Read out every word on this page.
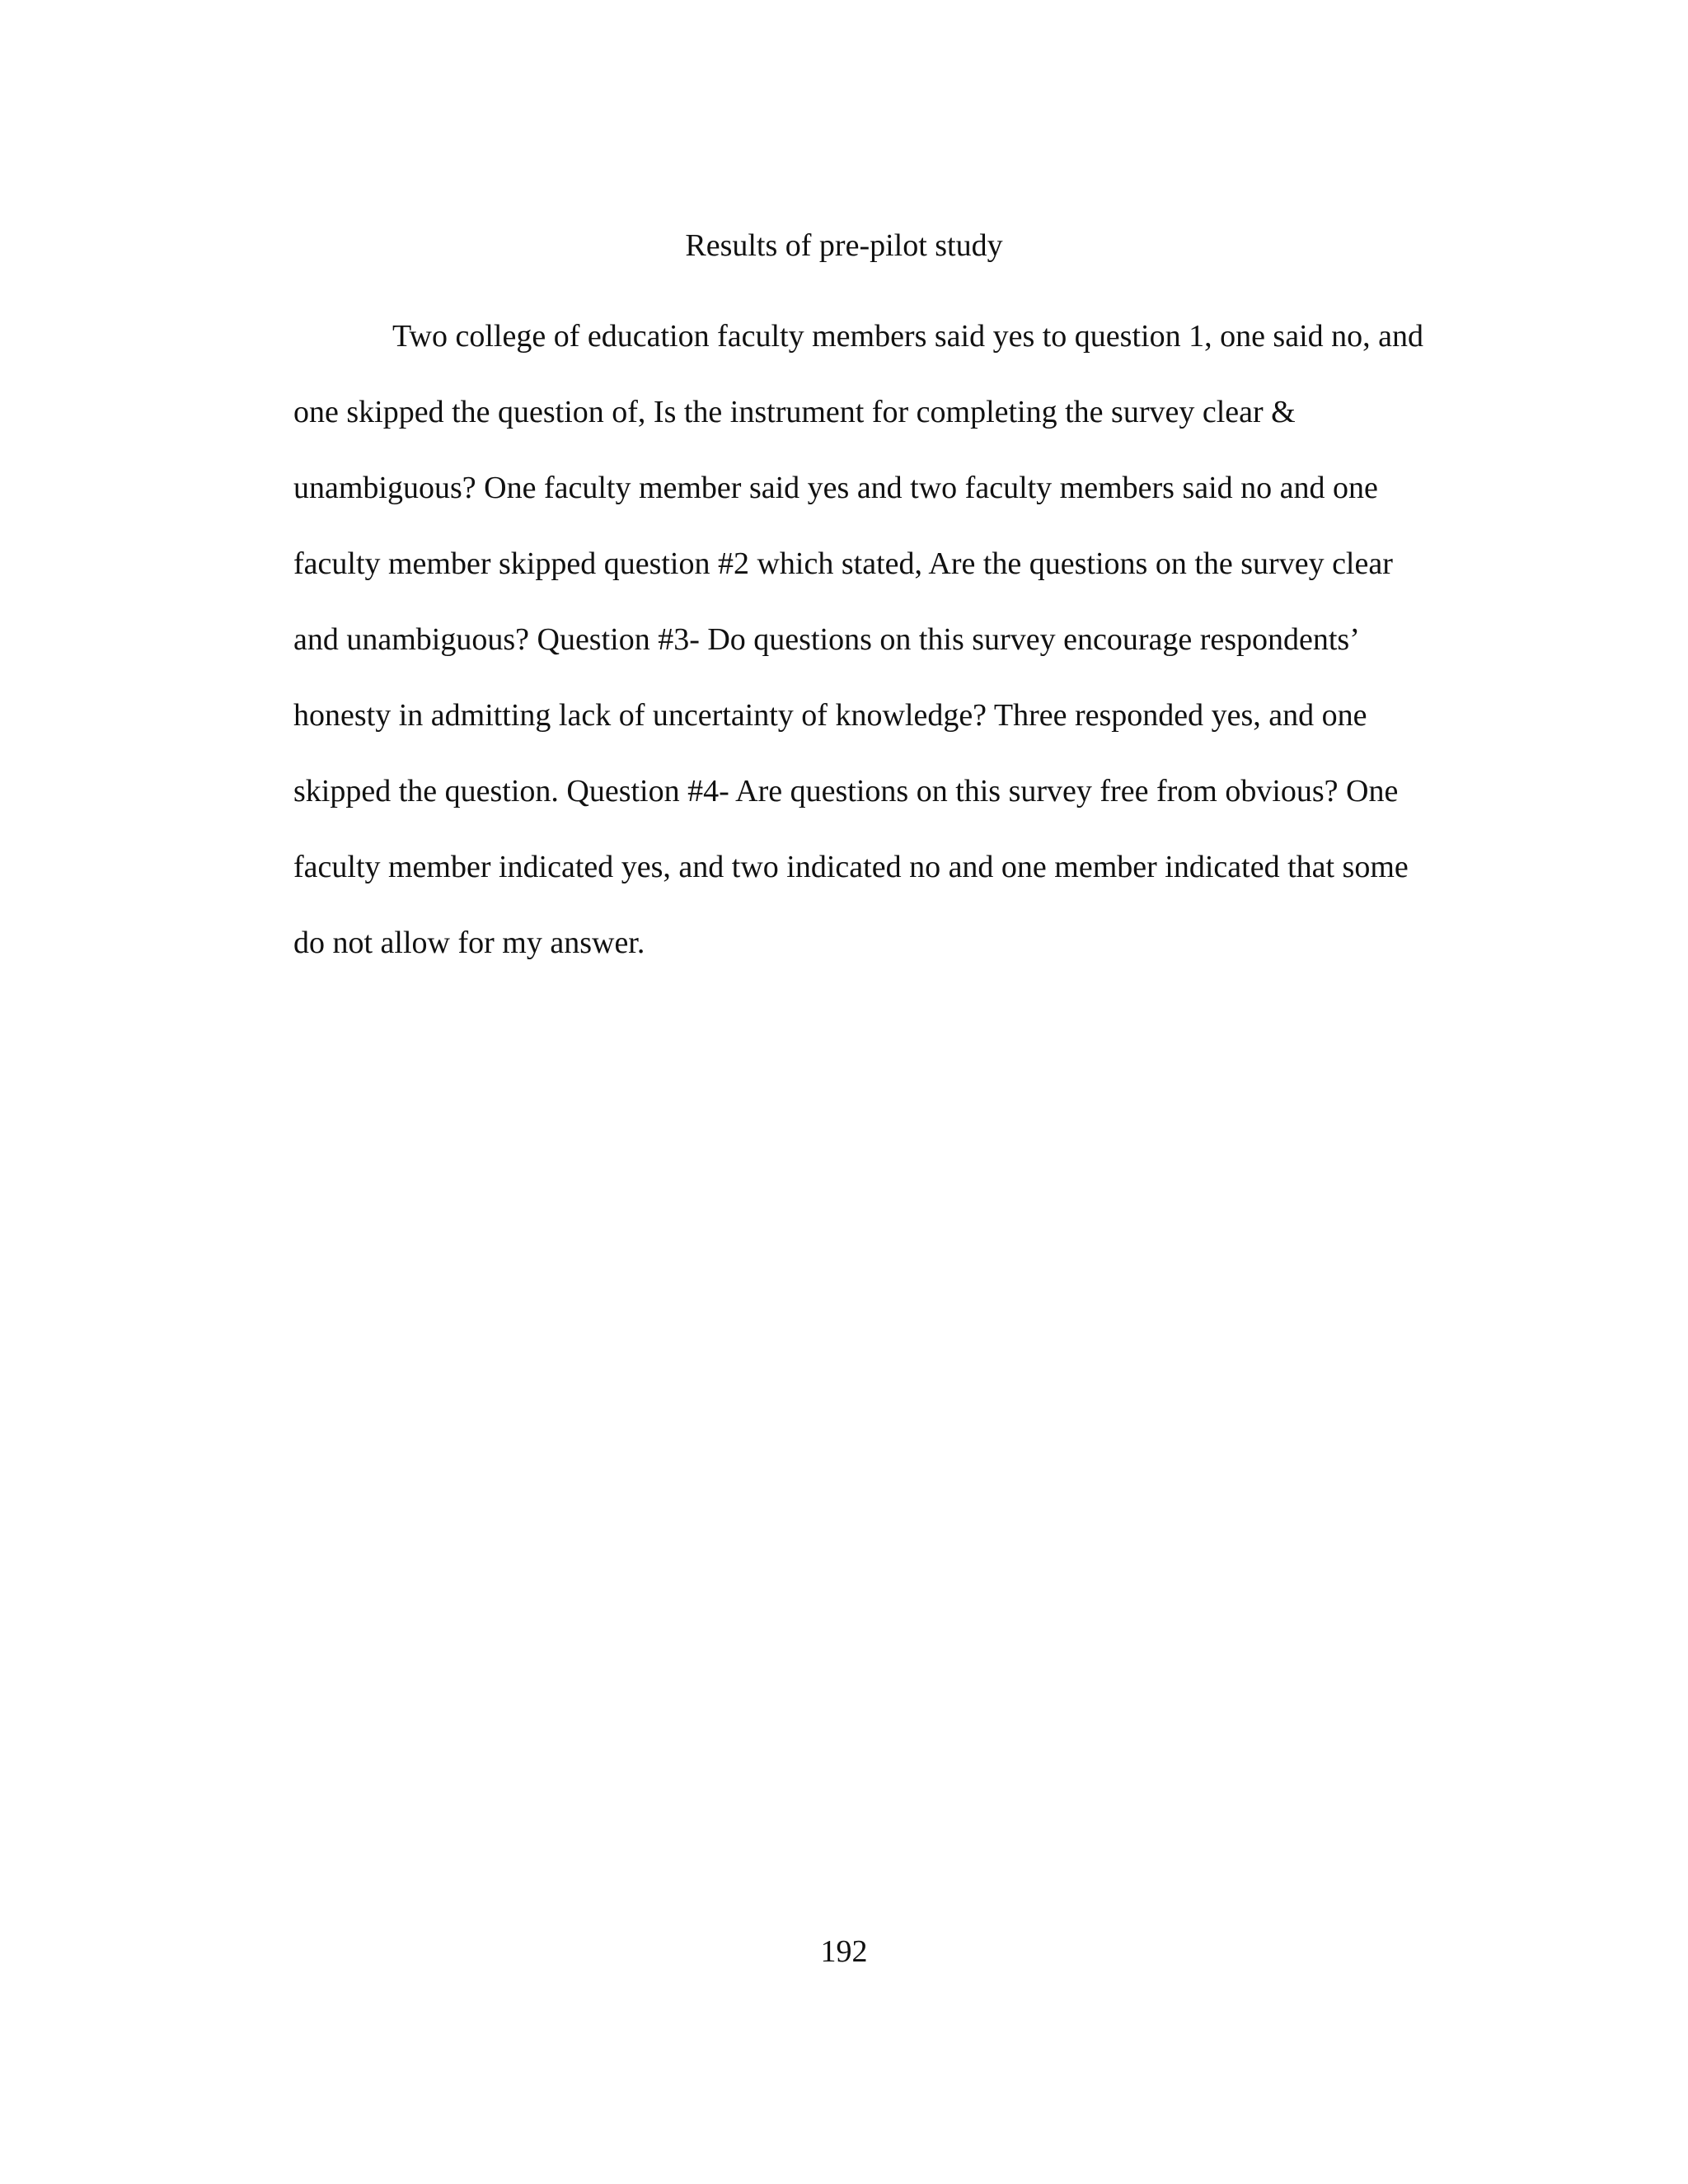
Results of pre-pilot study
Two college of education faculty members said yes to question 1, one said no, and
one skipped the question of, Is the instrument for completing the survey clear &
unambiguous? One faculty member said yes and two faculty members said no and one
faculty member skipped question #2 which stated, Are the questions on the survey clear
and unambiguous? Question #3- Do questions on this survey encourage respondents’
honesty in admitting lack of uncertainty of knowledge? Three responded yes, and one
skipped the question. Question #4- Are questions on this survey free from obvious? One
faculty member indicated yes, and two indicated no and one member indicated that some
do not allow for my answer.
192
